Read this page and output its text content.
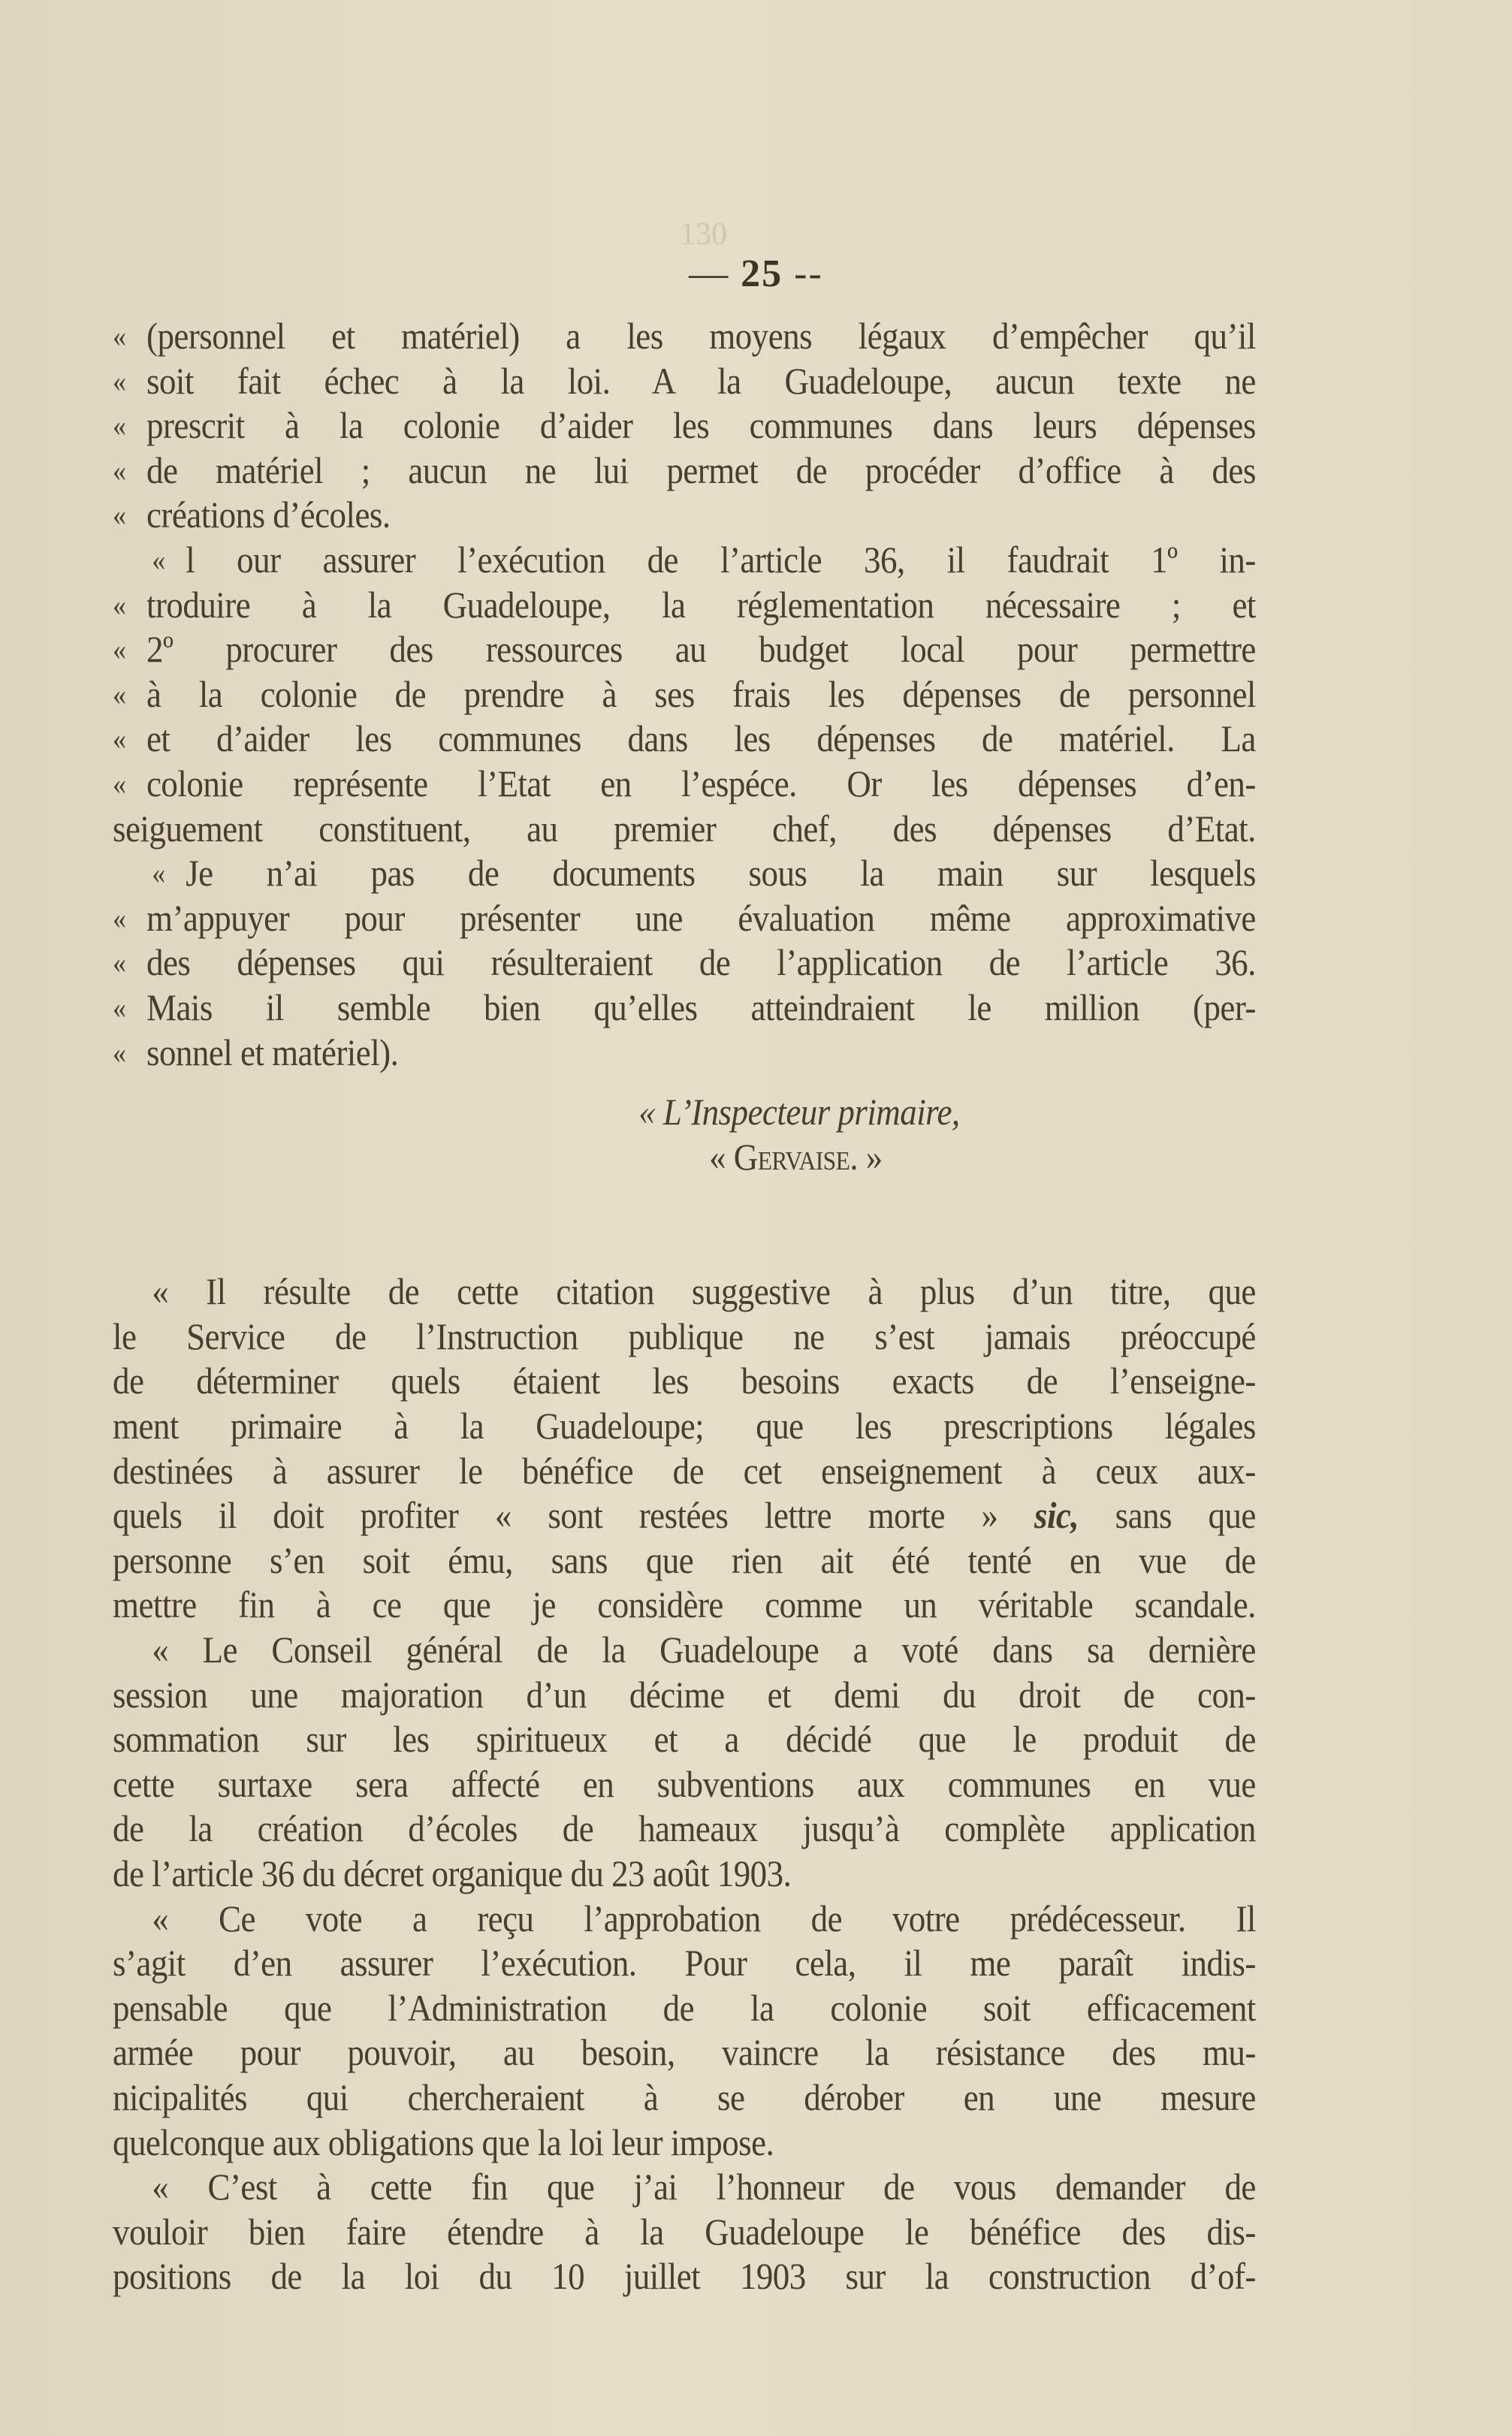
130
— 25 --
« (personnel et matériel) a les moyens légaux d’empêcher qu’il
« soit fait échec à la loi. A la Guadeloupe, aucun texte ne
« prescrit à la colonie d’aider les communes dans leurs dépenses
« de matériel ; aucun ne lui permet de procéder d’office à des
« créations d’écoles.
« l our assurer l’exécution de l’article 36, il faudrait 1º in-
« troduire à la Guadeloupe, la réglementation nécessaire ; et
« 2º procurer des ressources au budget local pour permettre
« à la colonie de prendre à ses frais les dépenses de personnel
« et d’aider les communes dans les dépenses de matériel. La
« colonie représente l’Etat en l’espéce. Or les dépenses d’en-
seiguement constituent, au premier chef, des dépenses d’Etat.
« Je n’ai pas de documents sous la main sur lesquels
« m’appuyer pour présenter une évaluation même approximative
« des dépenses qui résulteraient de l’application de l’article 36.
« Mais il semble bien qu’elles atteindraient le million (per-
« sonnel et matériel).
« L’Inspecteur primaire,
« Gervaise. »
« Il résulte de cette citation suggestive à plus d’un titre, que
le Service de l’Instruction publique ne s’est jamais préoccupé
de déterminer quels étaient les besoins exacts de l’enseigne-
ment primaire à la Guadeloupe; que les prescriptions légales
destinées à assurer le bénéfice de cet enseignement à ceux aux-
quels il doit profiter « sont restées lettre morte » sic, sans que
personne s’en soit ému, sans que rien ait été tenté en vue de
mettre fin à ce que je considère comme un véritable scandale.
« Le Conseil général de la Guadeloupe a voté dans sa dernière
session une majoration d’un décime et demi du droit de con-
sommation sur les spiritueux et a décidé que le produit de
cette surtaxe sera affecté en subventions aux communes en vue
de la création d’écoles de hameaux jusqu’à complète application
de l’article 36 du décret organique du 23 août 1903.
« Ce vote a reçu l’approbation de votre prédécesseur. Il
s’agit d’en assurer l’exécution. Pour cela, il me paraît indis-
pensable que l’Administration de la colonie soit efficacement
armée pour pouvoir, au besoin, vaincre la résistance des mu-
nicipalités qui chercheraient à se dérober en une mesure
quelconque aux obligations que la loi leur impose.
« C’est à cette fin que j’ai l’honneur de vous demander de
vouloir bien faire étendre à la Guadeloupe le bénéfice des dis-
positions de la loi du 10 juillet 1903 sur la construction d’of-
